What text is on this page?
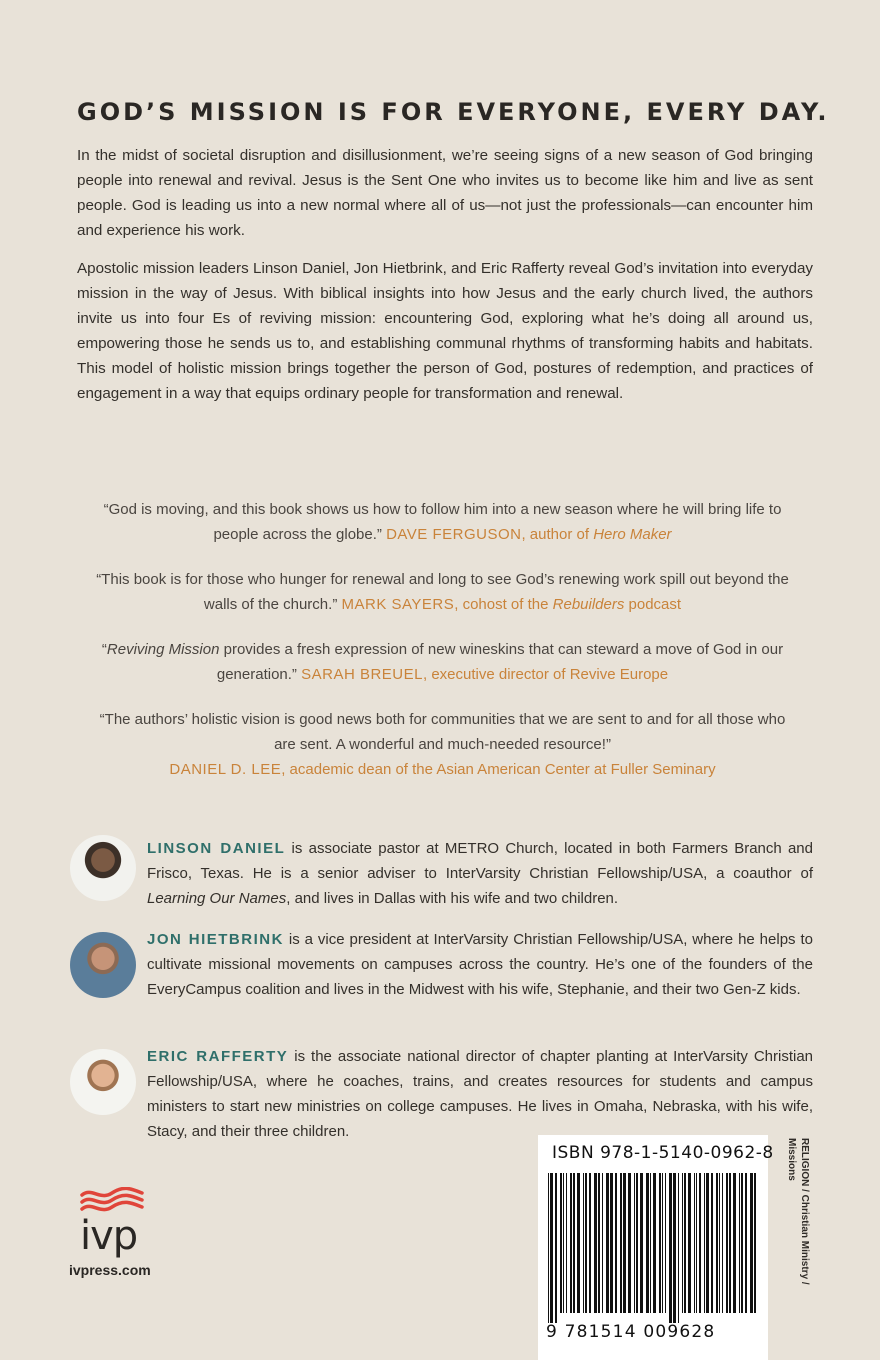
GOD’S MISSION IS FOR EVERYONE, EVERY DAY.

In the midst of societal disruption and disillusionment, we’re seeing signs of a new season of God bringing people into renewal and revival. Jesus is the Sent One who invites us to become like him and live as sent people. God is leading us into a new normal where all of us—not just the professionals—can encounter him and experience his work.

Apostolic mission leaders Linson Daniel, Jon Hietbrink, and Eric Rafferty reveal God’s invitation into everyday mission in the way of Jesus. With biblical insights into how Jesus and the early church lived, the authors invite us into four Es of reviving mission: encountering God, exploring what he’s doing all around us, empowering those he sends us to, and establishing communal rhythms of transforming habits and habitats. This model of holistic mission brings together the person of God, postures of redemption, and practices of engagement in a way that equips ordinary people for transformation and renewal.

“God is moving, and this book shows us how to follow him into a new season where he will bring life to people across the globe.” DAVE FERGUSON, author of Hero Maker
“This book is for those who hunger for renewal and long to see God’s renewing work spill out beyond the walls of the church.” MARK SAYERS, cohost of the Rebuilders podcast
“Reviving Mission provides a fresh expression of new wineskins that can steward a move of God in our generation.” SARAH BREUEL, executive director of Revive Europe
“The authors’ holistic vision is good news both for communities that we are sent to and for all those who are sent. A wonderful and much-needed resource!”
DANIEL D. LEE, academic dean of the Asian American Center at Fuller Seminary
LINSON DANIEL is associate pastor at METRO Church, located in both Farmers Branch and Frisco, Texas. He is a senior adviser to InterVarsity Christian Fellowship/USA, a coauthor of Learning Our Names, and lives in Dallas with his wife and two children.
JON HIETBRINK is a vice president at InterVarsity Christian Fellowship/USA, where he helps to cultivate missional movements on campuses across the country. He’s one of the founders of the EveryCampus coalition and lives in the Midwest with his wife, Stephanie, and their two Gen-Z kids.
ERIC RAFFERTY is the associate national director of chapter planting at InterVarsity Christian Fellowship/USA, where he coaches, trains, and creates resources for students and campus ministers to start new ministries on college campuses. He lives in Omaha, Nebraska, with his wife, Stacy, and their three children.
ISBN 978-1-5140-0962-8
9 781514 009628
RELIGION / Christian Ministry / Missions
ivp
ivpress.com
